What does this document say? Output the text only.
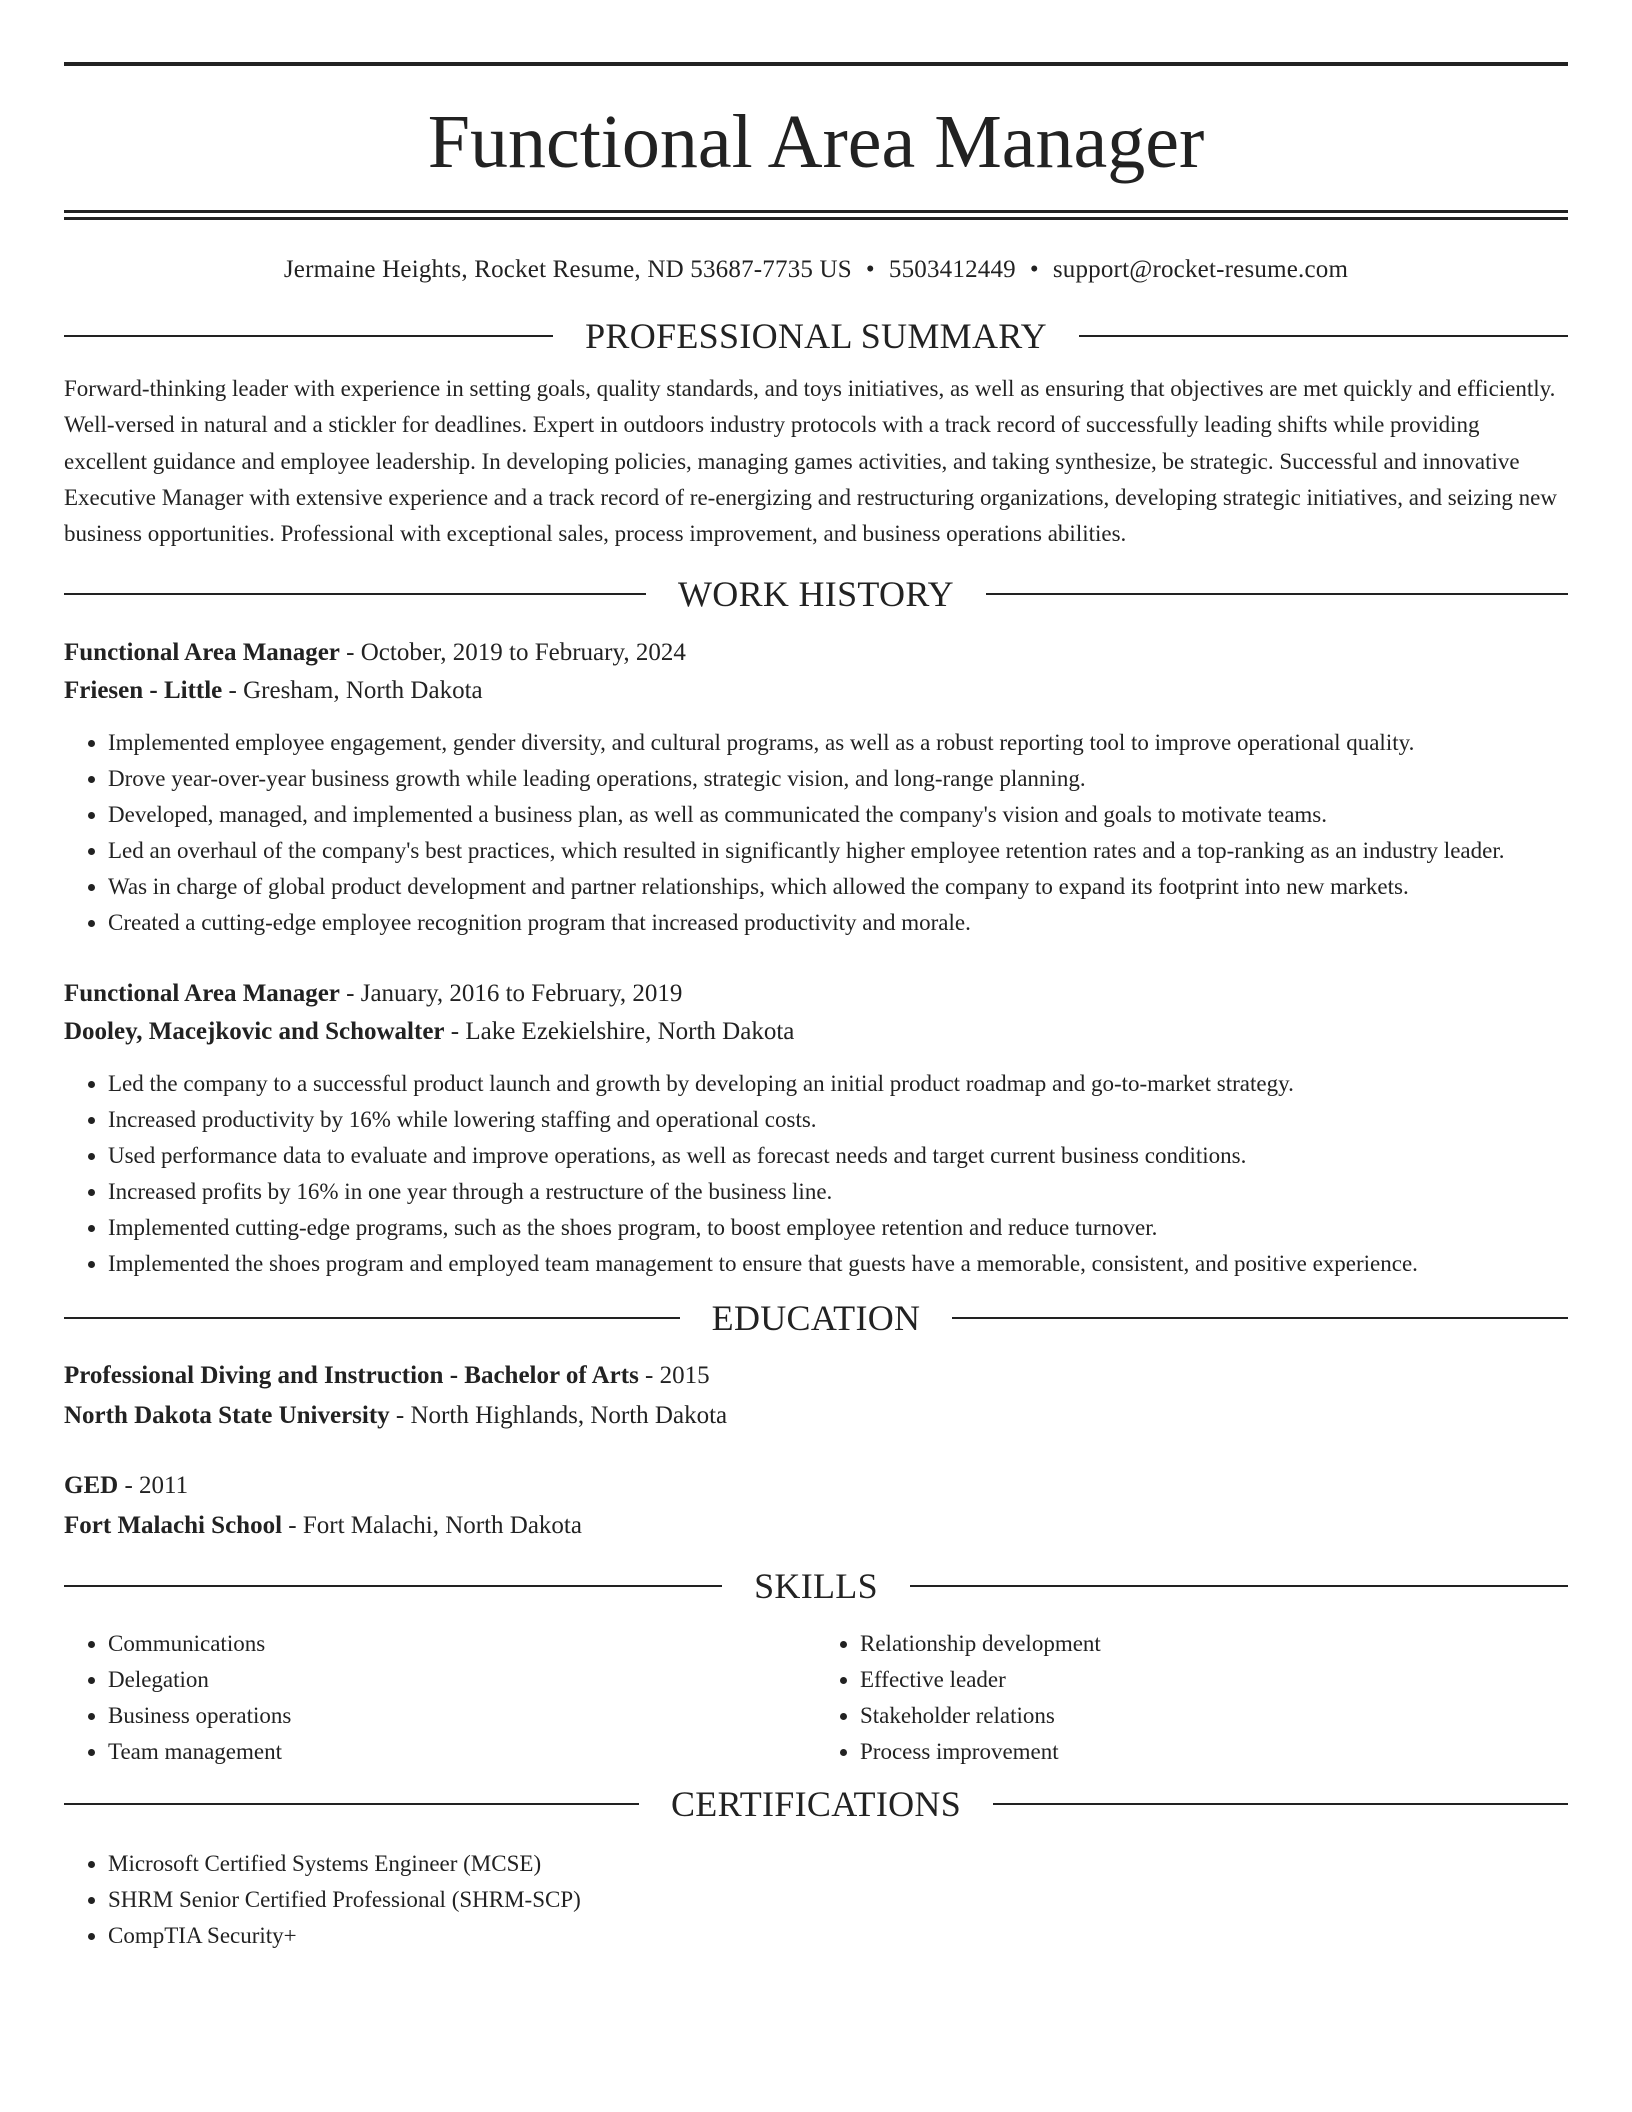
Functional Area Manager
Jermaine Heights, Rocket Resume, ND 53687-7735 US • 5503412449 • support@rocket-resume.com
PROFESSIONAL SUMMARY

Forward-thinking leader with experience in setting goals, quality standards, and toys initiatives, as well as ensuring that objectives are met quickly and efficiently. Well-versed in natural and a stickler for deadlines. Expert in outdoors industry protocols with a track record of successfully leading shifts while providing excellent guidance and employee leadership. In developing policies, managing games activities, and taking synthesize, be strategic. Successful and innovative Executive Manager with extensive experience and a track record of re-energizing and restructuring organizations, developing strategic initiatives, and seizing new business opportunities. Professional with exceptional sales, process improvement, and business operations abilities.

WORK HISTORY
Functional Area Manager - October, 2019 to February, 2024
Friesen - Little - Gresham, North Dakota
• Implemented employee engagement, gender diversity, and cultural programs, as well as a robust reporting tool to improve operational quality.
• Drove year-over-year business growth while leading operations, strategic vision, and long-range planning.
• Developed, managed, and implemented a business plan, as well as communicated the company's vision and goals to motivate teams.
• Led an overhaul of the company's best practices, which resulted in significantly higher employee retention rates and a top-ranking as an industry leader.
• Was in charge of global product development and partner relationships, which allowed the company to expand its footprint into new markets.
• Created a cutting-edge employee recognition program that increased productivity and morale.
Functional Area Manager - January, 2016 to February, 2019
Dooley, Macejkovic and Schowalter - Lake Ezekielshire, North Dakota
• Led the company to a successful product launch and growth by developing an initial product roadmap and go-to-market strategy.
• Increased productivity by 16% while lowering staffing and operational costs.
• Used performance data to evaluate and improve operations, as well as forecast needs and target current business conditions.
• Increased profits by 16% in one year through a restructure of the business line.
• Implemented cutting-edge programs, such as the shoes program, to boost employee retention and reduce turnover.
• Implemented the shoes program and employed team management to ensure that guests have a memorable, consistent, and positive experience.
EDUCATION
Professional Diving and Instruction - Bachelor of Arts - 2015
North Dakota State University - North Highlands, North Dakota
GED - 2011
Fort Malachi School - Fort Malachi, North Dakota
SKILLS
• Communications
• Delegation
• Business operations
• Team management
• Relationship development
• Effective leader
• Stakeholder relations
• Process improvement
CERTIFICATIONS
• Microsoft Certified Systems Engineer (MCSE)
• SHRM Senior Certified Professional (SHRM-SCP)
• CompTIA Security+
